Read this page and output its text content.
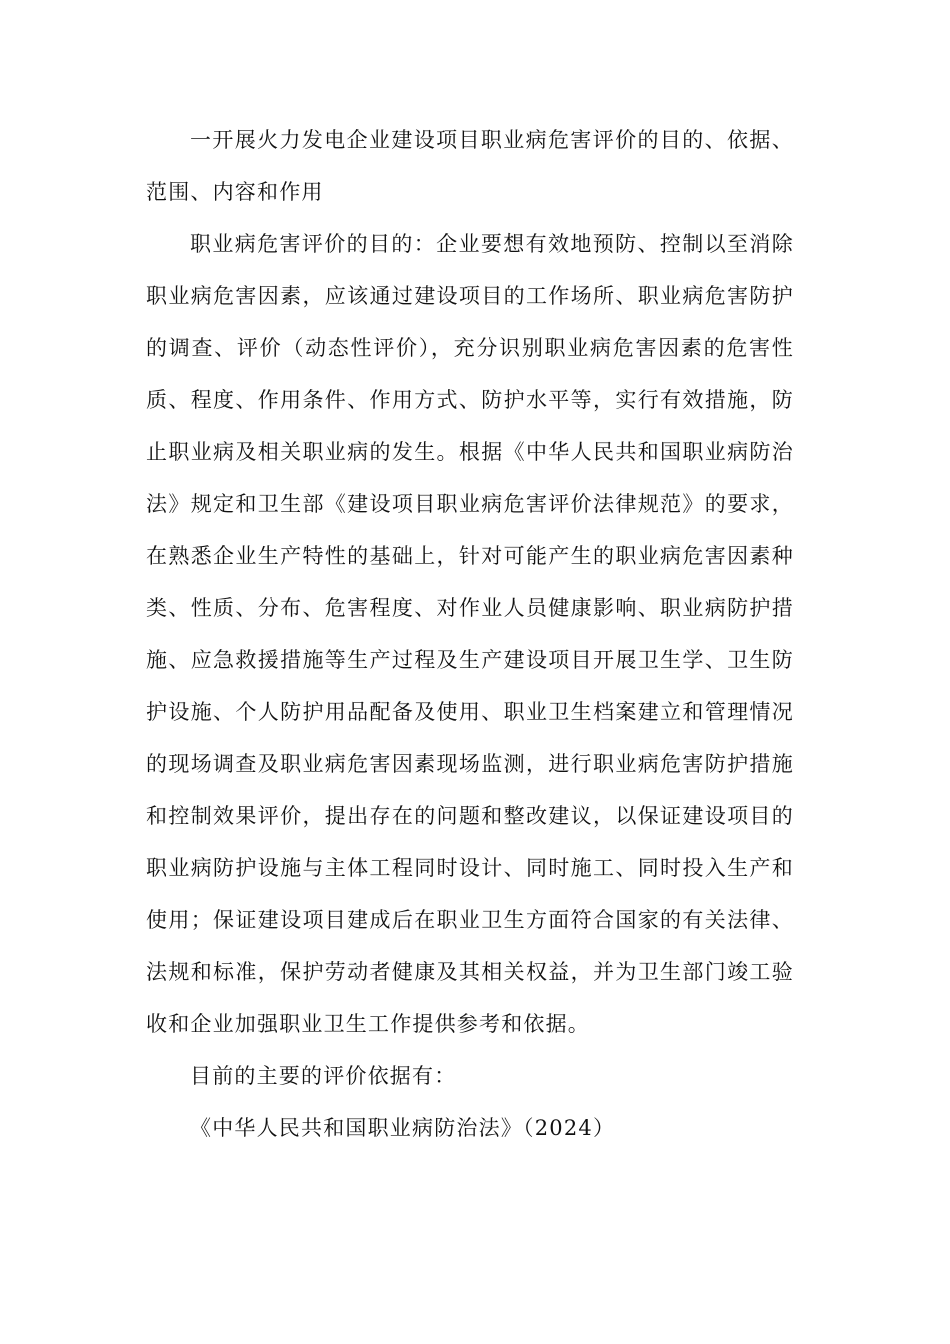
一开展火力发电企业建设项目职业病危害评价的目的、依据、范围、内容和作用

职业病危害评价的目的：企业要想有效地预防、控制以至消除职业病危害因素，应该通过建设项目的工作场所、职业病危害防护的调查、评价（动态性评价），充分识别职业病危害因素的危害性质、程度、作用条件、作用方式、防护水平等，实行有效措施，防止职业病及相关职业病的发生。根据《中华人民共和国职业病防治法》规定和卫生部《建设项目职业病危害评价法律规范》的要求，在熟悉企业生产特性的基础上，针对可能产生的职业病危害因素种类、性质、分布、危害程度、对作业人员健康影响、职业病防护措施、应急救援措施等生产过程及生产建设项目开展卫生学、卫生防护设施、个人防护用品配备及使用、职业卫生档案建立和管理情况的现场调查及职业病危害因素现场监测，进行职业病危害防护措施和控制效果评价，提出存在的问题和整改建议，以保证建设项目的职业病防护设施与主体工程同时设计、同时施工、同时投入生产和使用；保证建设项目建成后在职业卫生方面符合国家的有关法律、法规和标准，保护劳动者健康及其相关权益，并为卫生部门竣工验收和企业加强职业卫生工作提供参考和依据。

目前的主要的评价依据有：

《中华人民共和国职业病防治法》（2024）
